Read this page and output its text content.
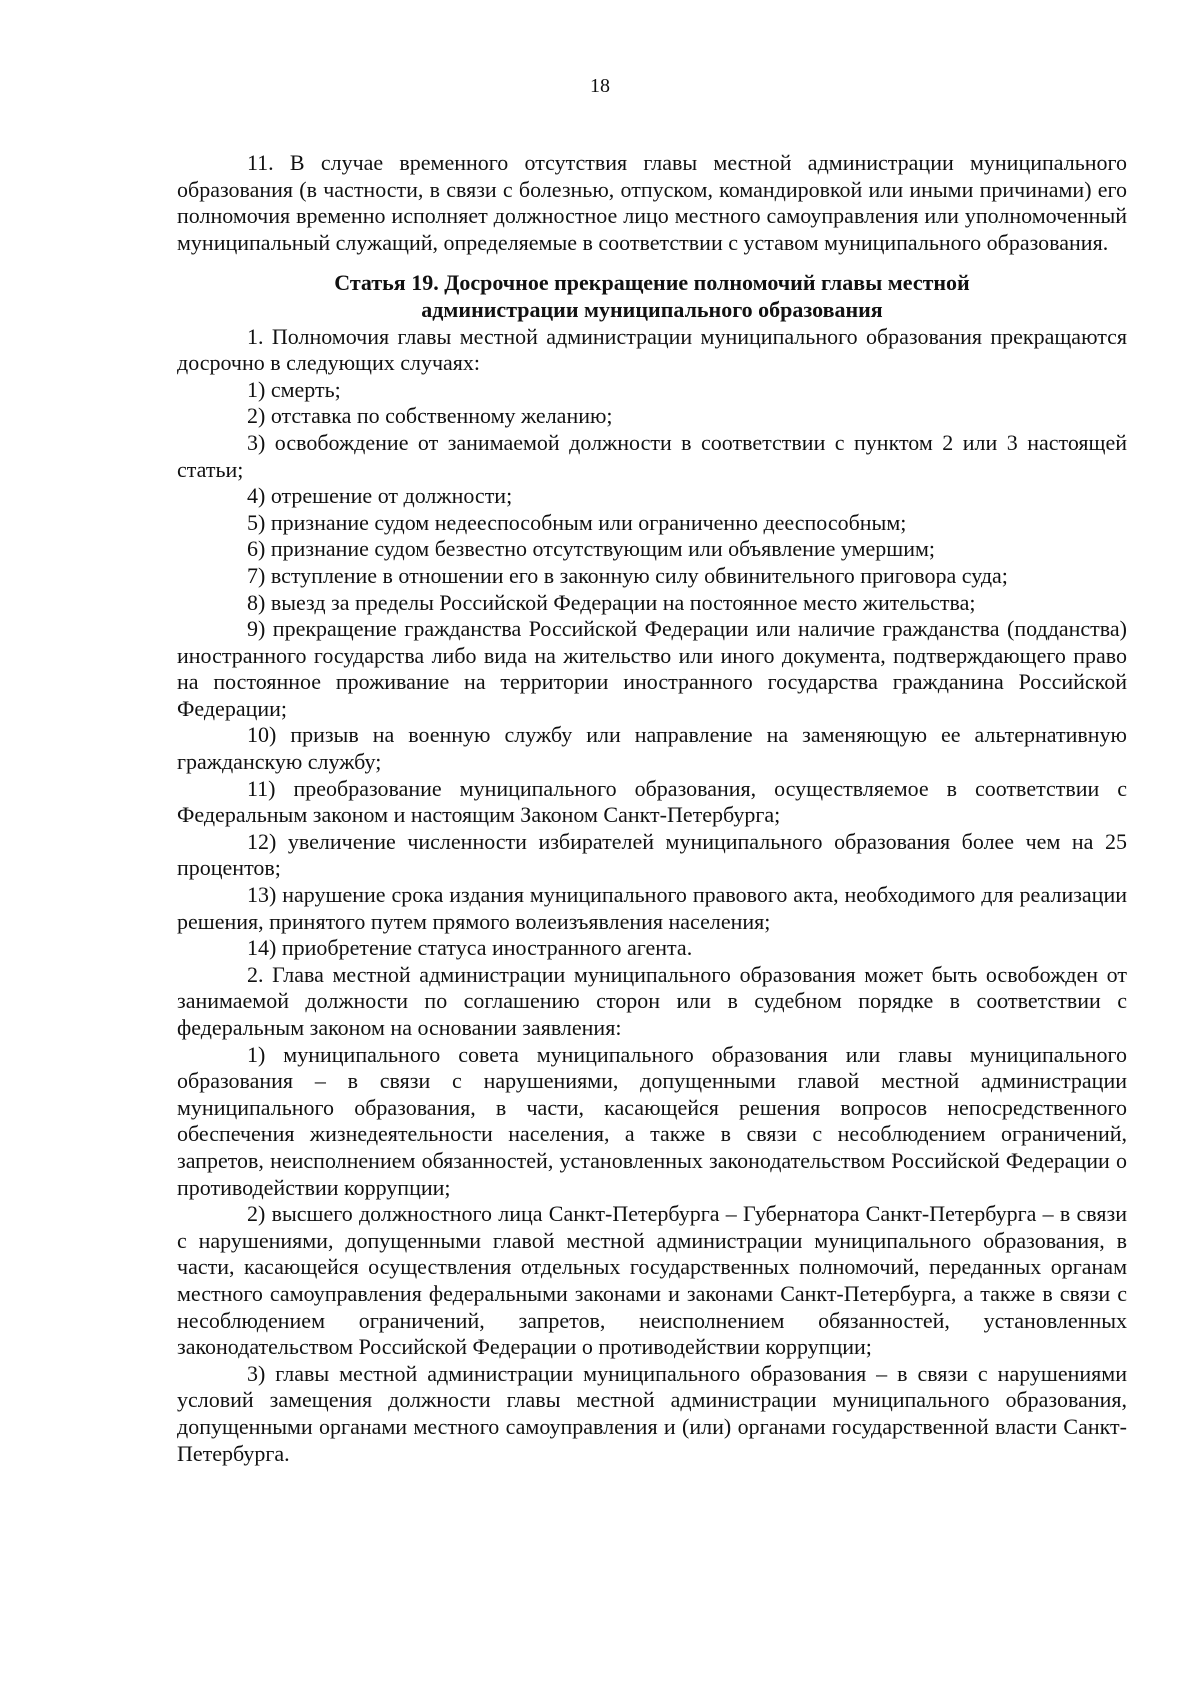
18

11. В случае временного отсутствия главы местной администрации муниципального образования (в частности, в связи с болезнью, отпуском, командировкой или иными причинами) его полномочия временно исполняет должностное лицо местного самоуправления или уполномоченный муниципальный служащий, определяемые в соответствии с уставом муниципального образования.

Статья 19. Досрочное прекращение полномочий главы местной
администрации муниципального образования

1. Полномочия главы местной администрации муниципального образования прекращаются досрочно в следующих случаях:

1) смерть;

2) отставка по собственному желанию;

3) освобождение от занимаемой должности в соответствии с пунктом 2 или 3 настоящей статьи;

4) отрешение от должности;

5) признание судом недееспособным или ограниченно дееспособным;

6) признание судом безвестно отсутствующим или объявление умершим;

7) вступление в отношении его в законную силу обвинительного приговора суда;

8) выезд за пределы Российской Федерации на постоянное место жительства;

9) прекращение гражданства Российской Федерации или наличие гражданства (подданства) иностранного государства либо вида на жительство или иного документа, подтверждающего право на постоянное проживание на территории иностранного государства гражданина Российской Федерации;

10) призыв на военную службу или направление на заменяющую ее альтернативную гражданскую службу;

11) преобразование муниципального образования, осуществляемое в соответствии с Федеральным законом и настоящим Законом Санкт-Петербурга;

12) увеличение численности избирателей муниципального образования более чем на 25 процентов;

13) нарушение срока издания муниципального правового акта, необходимого для реализации решения, принятого путем прямого волеизъявления населения;

14) приобретение статуса иностранного агента.

2. Глава местной администрации муниципального образования может быть освобожден от занимаемой должности по соглашению сторон или в судебном порядке в соответствии с федеральным законом на основании заявления:

1) муниципального совета муниципального образования или главы муниципального образования – в связи с нарушениями, допущенными главой местной администрации муниципального образования, в части, касающейся решения вопросов непосредственного обеспечения жизнедеятельности населения, а также в связи с несоблюдением ограничений, запретов, неисполнением обязанностей, установленных законодательством Российской Федерации о противодействии коррупции;

2) высшего должностного лица Санкт-Петербурга – Губернатора Санкт-Петербурга – в связи с нарушениями, допущенными главой местной администрации муниципального образования, в части, касающейся осуществления отдельных государственных полномочий, переданных органам местного самоуправления федеральными законами и законами Санкт-Петербурга, а также в связи с несоблюдением ограничений, запретов, неисполнением обязанностей, установленных законодательством Российской Федерации о противодействии коррупции;

3) главы местной администрации муниципального образования – в связи с нарушениями условий замещения должности главы местной администрации муниципального образования, допущенными органами местного самоуправления и (или) органами государственной власти Санкт-Петербурга.
